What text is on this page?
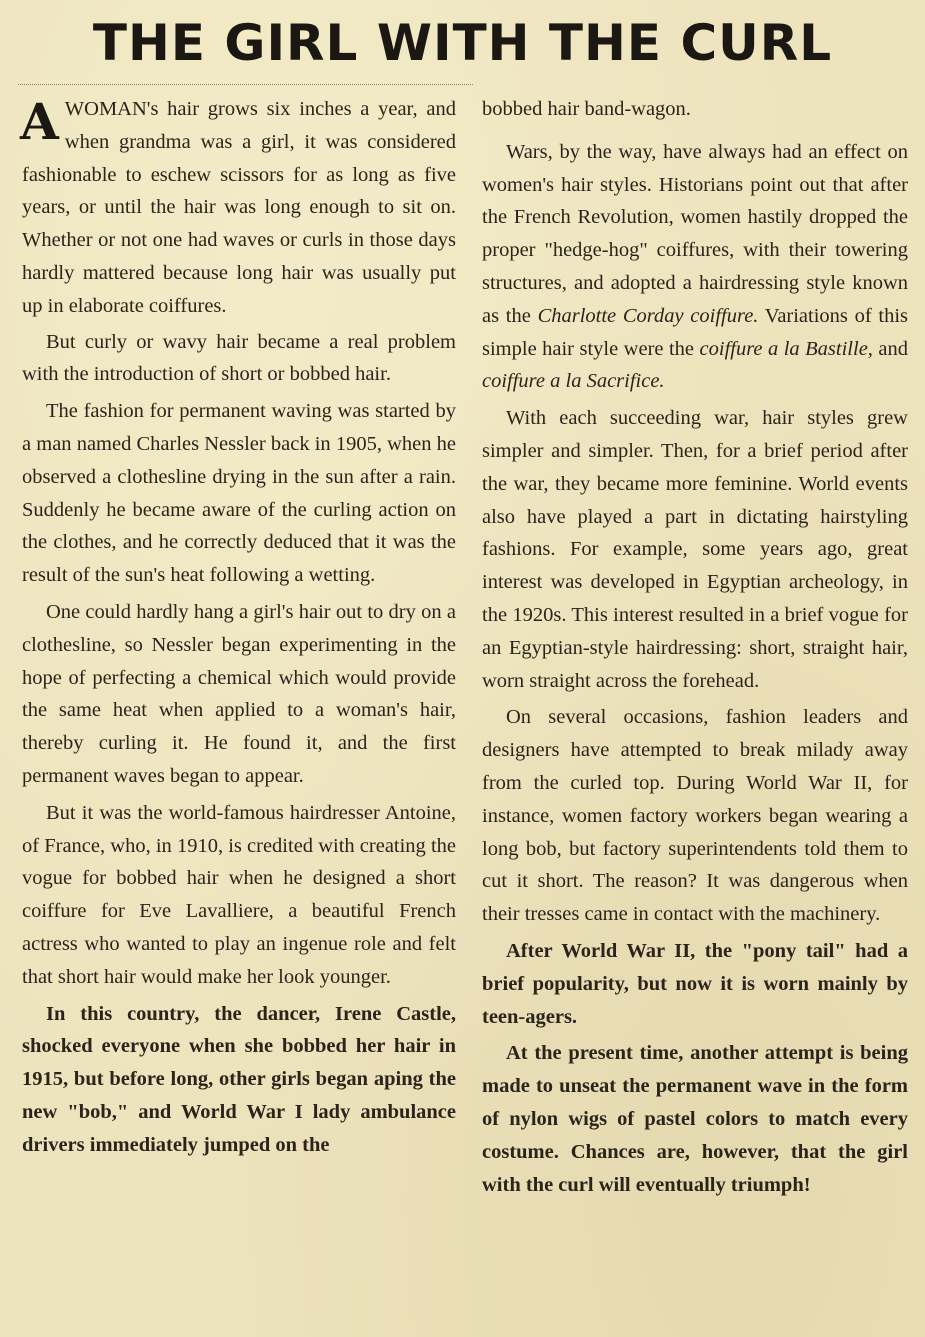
THE GIRL WITH THE CURL

AWOMAN's hair grows six inches a year, and when grandma was a girl, it was considered fashionable to eschew scissors for as long as five years, or until the hair was long enough to sit on. Whether or not one had waves or curls in those days hardly mattered because long hair was usually put up in elaborate coiffures.

But curly or wavy hair became a real problem with the introduction of short or bobbed hair.

The fashion for permanent waving was started by a man named Charles Nessler back in 1905, when he observed a clothesline drying in the sun after a rain. Suddenly he became aware of the curling action on the clothes, and he correctly deduced that it was the result of the sun's heat following a wetting.

One could hardly hang a girl's hair out to dry on a clothesline, so Nessler began experimenting in the hope of perfecting a chemical which would provide the same heat when applied to a woman's hair, thereby curling it. He found it, and the first permanent waves began to appear.

But it was the world-famous hairdresser Antoine, of France, who, in 1910, is credited with creating the vogue for bobbed hair when he designed a short coiffure for Eve Lavalliere, a beautiful French actress who wanted to play an ingenue role and felt that short hair would make her look younger.

In this country, the dancer, Irene Castle, shocked everyone when she bobbed her hair in 1915, but before long, other girls began aping the new "bob," and World War I lady ambulance drivers immediately jumped on the

bobbed hair band-wagon.

Wars, by the way, have always had an effect on women's hair styles. Historians point out that after the French Revolution, women hastily dropped the proper "hedge-hog" coiffures, with their towering structures, and adopted a hairdressing style known as the Charlotte Corday coiffure. Variations of this simple hair style were the coiffure a la Bastille, and coiffure a la Sacrifice.

With each succeeding war, hair styles grew simpler and simpler. Then, for a brief period after the war, they became more feminine. World events also have played a part in dictating hairstyling fashions. For example, some years ago, great interest was developed in Egyptian archeology, in the 1920s. This interest resulted in a brief vogue for an Egyptian-style hairdressing: short, straight hair, worn straight across the forehead.

On several occasions, fashion leaders and designers have attempted to break milady away from the curled top. During World War II, for instance, women factory workers began wearing a long bob, but factory superintendents told them to cut it short. The reason? It was dangerous when their tresses came in contact with the machinery.

After World War II, the "pony tail" had a brief popularity, but now it is worn mainly by teen-agers.

At the present time, another attempt is being made to unseat the permanent wave in the form of nylon wigs of pastel colors to match every costume. Chances are, however, that the girl with the curl will eventually triumph!
